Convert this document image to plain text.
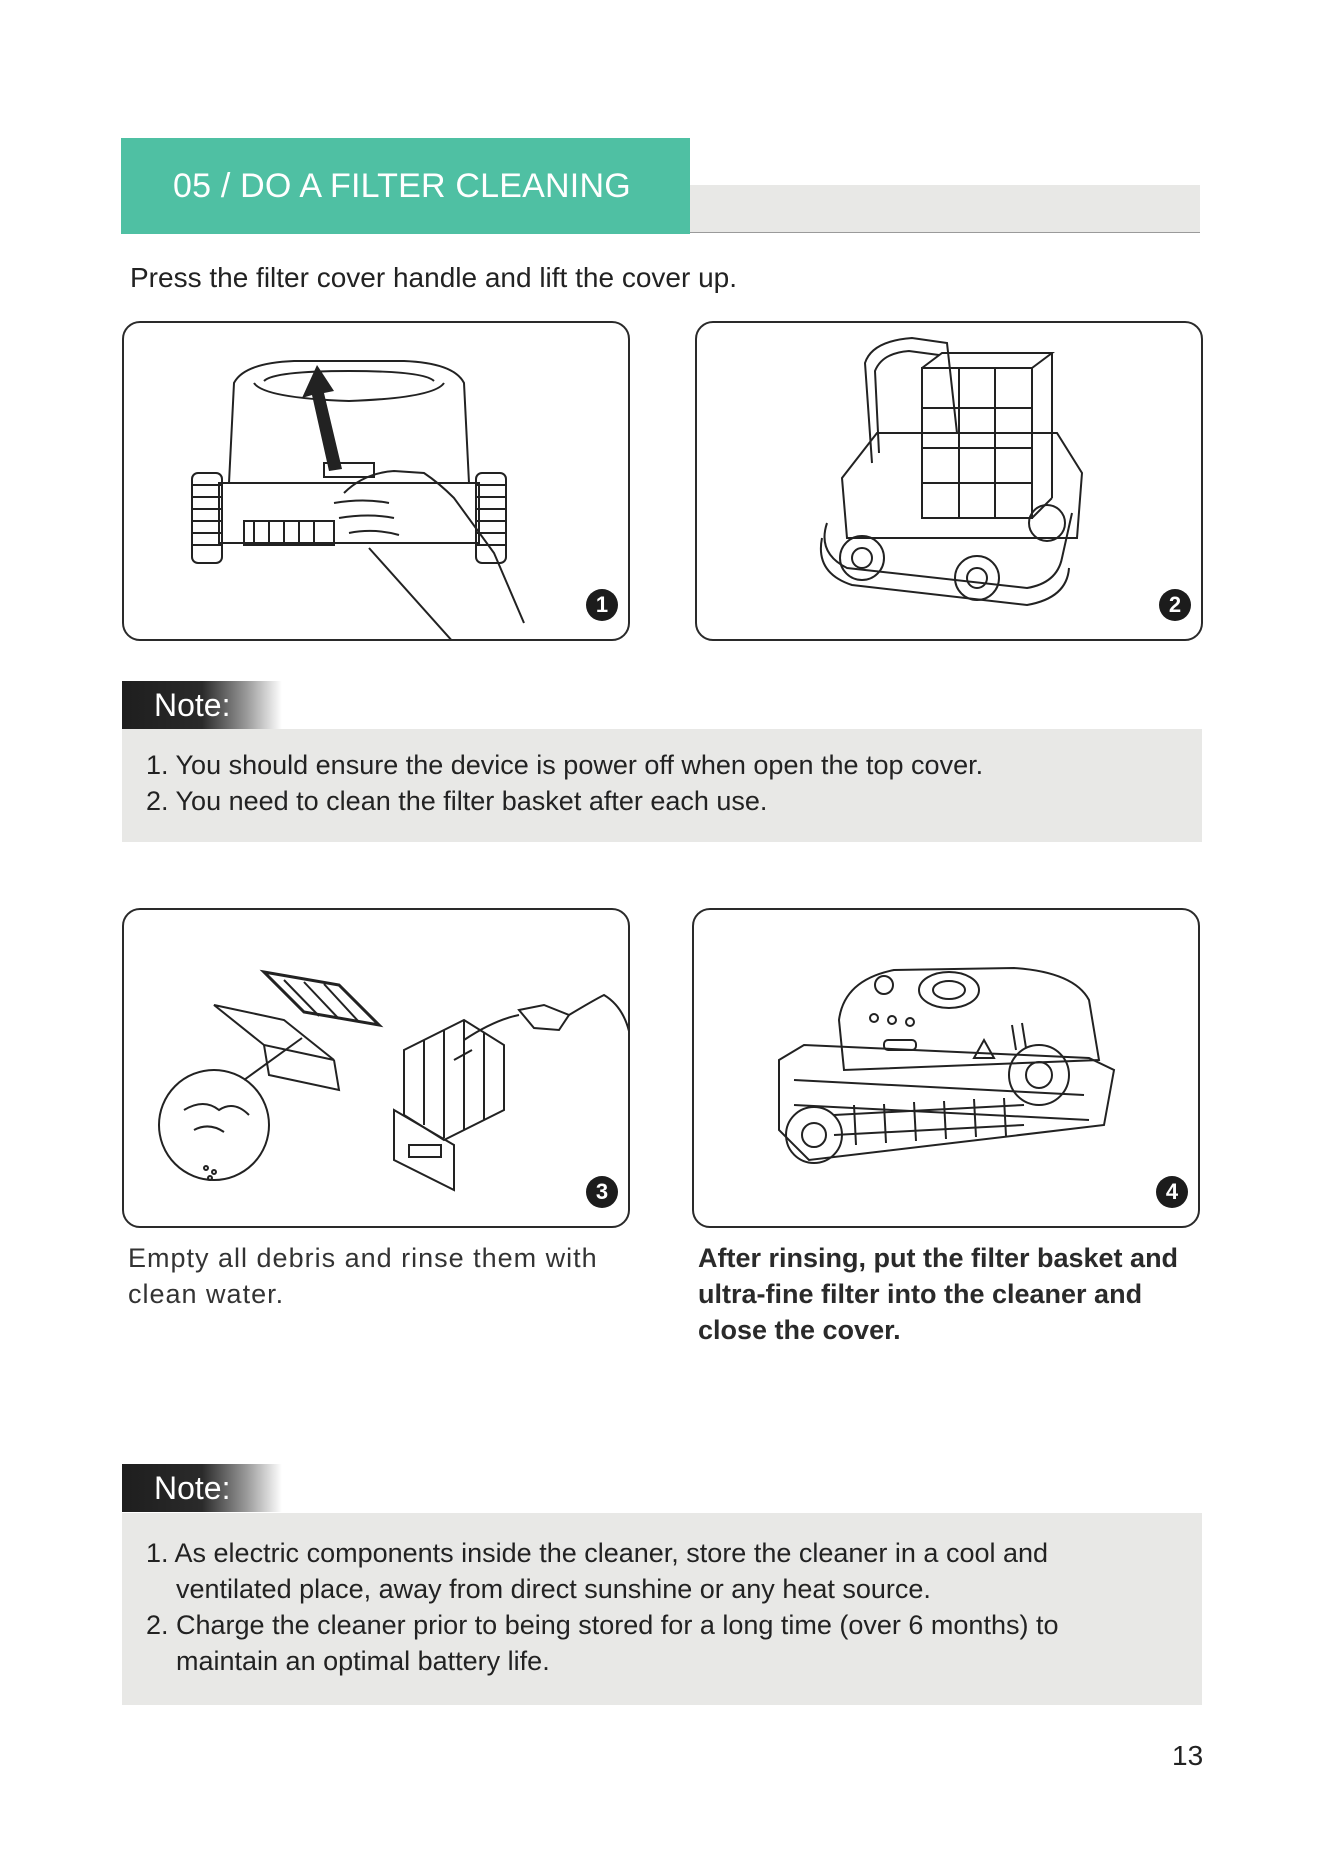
05 / DO A FILTER CLEANING
Press the filter cover handle and lift the cover up.
1	2
Note:
1. You should ensure the device is power off when open the top cover.
2. You need to clean the filter basket after each use.
3	4
Empty all debris and rinse them with clean water.
After rinsing, put the filter basket and ultra-fine filter into the cleaner and close the cover.
Note:
1. As electric components inside the cleaner, store the cleaner in a cool and
ventilated place, away from direct sunshine or any heat source.
2. Charge the cleaner prior to being stored for a long time (over 6 months) to
maintain an optimal battery life.
13
